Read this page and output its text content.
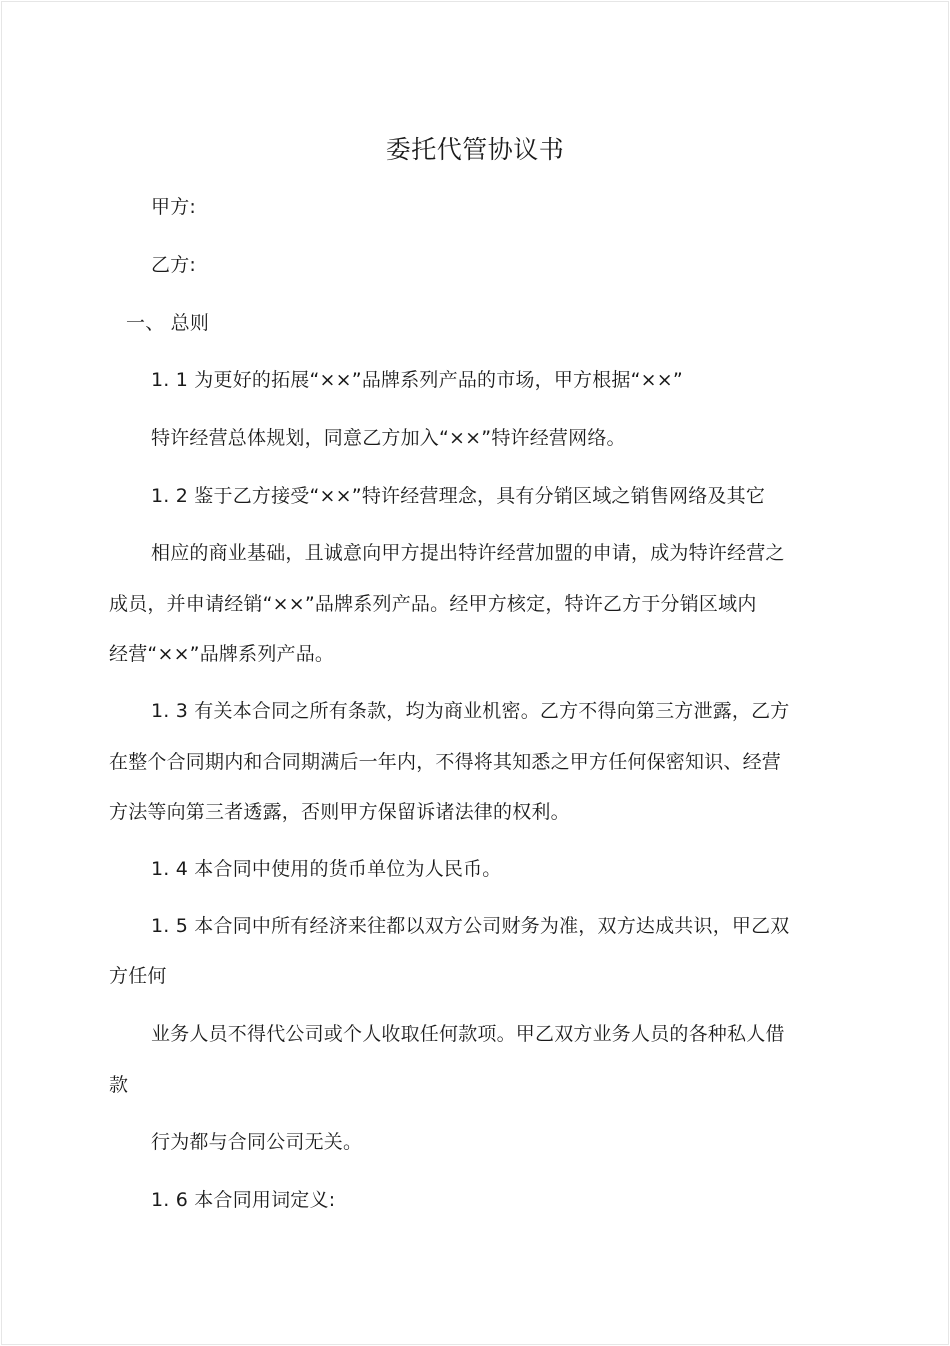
委托代管协议书
甲方:
乙方:
一、 总则
1. 1 为更好的拓展“××”品牌系列产品的市场，甲方根据“××”
特许经营总体规划，同意乙方加入“××”特许经营网络。
1. 2 鉴于乙方接受“××”特许经营理念，具有分销区域之销售网络及其它
相应的商业基础，且诚意向甲方提出特许经营加盟的申请，成为特许经营之
成员，并申请经销“××”品牌系列产品。经甲方核定，特许乙方于分销区域内
经营“××”品牌系列产品。
1. 3 有关本合同之所有条款，均为商业机密。乙方不得向第三方泄露，乙方
在整个合同期内和合同期满后一年内，不得将其知悉之甲方任何保密知识、经营
方法等向第三者透露，否则甲方保留诉诸法律的权利。
1. 4 本合同中使用的货币单位为人民币。
1. 5 本合同中所有经济来往都以双方公司财务为准，双方达成共识，甲乙双
方任何
业务人员不得代公司或个人收取任何款项。甲乙双方业务人员的各种私人借
款
行为都与合同公司无关。
1. 6 本合同用词定义:
